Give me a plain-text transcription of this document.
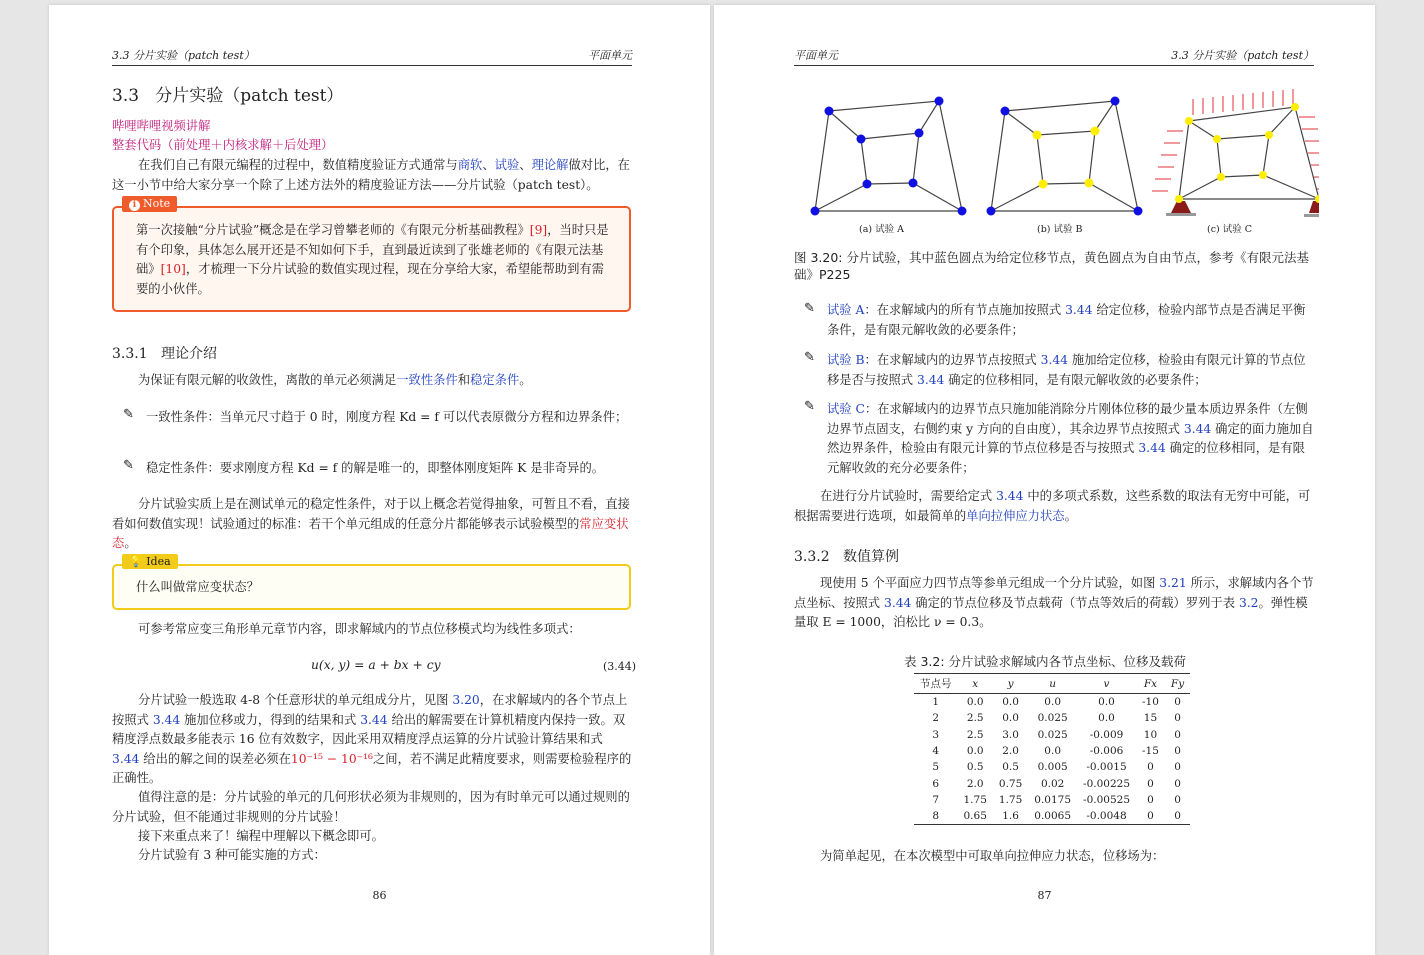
3.3 分片实验（patch test）	平面单元
3.3 分片实验（patch test）
哔哩哔哩视频讲解
整套代码（前处理＋内核求解＋后处理）
在我们自己有限元编程的过程中，数值精度验证方式通常与商软、试验、理论解做对比，在这一小节中给大家分享一个除了上述方法外的精度验证方法——分片试验（patch test）。
i Note
第一次接触“分片试验”概念是在学习曾攀老师的《有限元分析基础教程》[9]，当时只是有个印象，具体怎么展开还是不知如何下手，直到最近读到了张雄老师的《有限元法基础》[10]，才梳理一下分片试验的数值实现过程，现在分享给大家，希望能帮助到有需要的小伙伴。
3.3.1 理论介绍
为保证有限元解的收敛性，离散的单元必须满足一致性条件和稳定条件。
✎ 一致性条件：当单元尺寸趋于 0 时，刚度方程 Kd = f 可以代表原微分方程和边界条件；
✎ 稳定性条件：要求刚度方程 Kd = f 的解是唯一的，即整体刚度矩阵 K 是非奇异的。
分片试验实质上是在测试单元的稳定性条件，对于以上概念若觉得抽象，可暂且不看，直接看如何数值实现！试验通过的标准：若干个单元组成的任意分片都能够表示试验模型的常应变状态。
💡 Idea
什么叫做常应变状态？
可参考常应变三角形单元章节内容，即求解域内的节点位移模式均为线性多项式：
u(x, y) = a + bx + cy	(3.44)
分片试验一般选取 4-8 个任意形状的单元组成分片，见图 3.20，在求解域内的各个节点上按照式 3.44 施加位移或力，得到的结果和式 3.44 给出的解需要在计算机精度内保持一致。双精度浮点数最多能表示 16 位有效数字，因此采用双精度浮点运算的分片试验计算结果和式 3.44 给出的解之间的误差必须在10⁻¹⁵ − 10⁻¹⁶之间，若不满足此精度要求，则需要检验程序的正确性。
值得注意的是：分片试验的单元的几何形状必须为非规则的，因为有时单元可以通过规则的分片试验，但不能通过非规则的分片试验！
接下来重点来了！编程中理解以下概念即可。
分片试验有 3 种可能实施的方式：
86
平面单元	3.3 分片实验（patch test）
(a) 试验 A	(b) 试验 B	(c) 试验 C
图 3.20: 分片试验，其中蓝色圆点为给定位移节点，黄色圆点为自由节点，参考《有限元法基础》P225
✎ 试验 A：在求解域内的所有节点施加按照式 3.44 给定位移，检验内部节点是否满足平衡条件，是有限元解收敛的必要条件；
✎ 试验 B：在求解域内的边界节点按照式 3.44 施加给定位移，检验由有限元计算的节点位移是否与按照式 3.44 确定的位移相同，是有限元解收敛的必要条件；
✎ 试验 C：在求解域内的边界节点只施加能消除分片刚体位移的最少量本质边界条件（左侧边界节点固支，右侧约束 y 方向的自由度），其余边界节点按照式 3.44 确定的面力施加自然边界条件，检验由有限元计算的节点位移是否与按照式 3.44 确定的位移相同，是有限元解收敛的充分必要条件；
在进行分片试验时，需要给定式 3.44 中的多项式系数，这些系数的取法有无穷中可能，可根据需要进行选项，如最简单的单向拉伸应力状态。
3.3.2 数值算例
现使用 5 个平面应力四节点等参单元组成一个分片试验，如图 3.21 所示，求解域内各个节点坐标、按照式 3.44 确定的节点位移及节点载荷（节点等效后的荷载）罗列于表 3.2。弹性模量取 E = 1000，泊松比 ν = 0.3。
表 3.2: 分片试验求解域内各节点坐标、位移及载荷
节点号	x	y	u	v	Fx	Fy
1	0.0	0.0	0.0	0.0	-10	0
2	2.5	0.0	0.025	0.0	15	0
3	2.5	3.0	0.025	-0.009	10	0
4	0.0	2.0	0.0	-0.006	-15	0
5	0.5	0.5	0.005	-0.0015	0	0
6	2.0	0.75	0.02	-0.00225	0	0
7	1.75	1.75	0.0175	-0.00525	0	0
8	0.65	1.6	0.0065	-0.0048	0	0
为简单起见，在本次模型中可取单向拉伸应力状态，位移场为：
87
